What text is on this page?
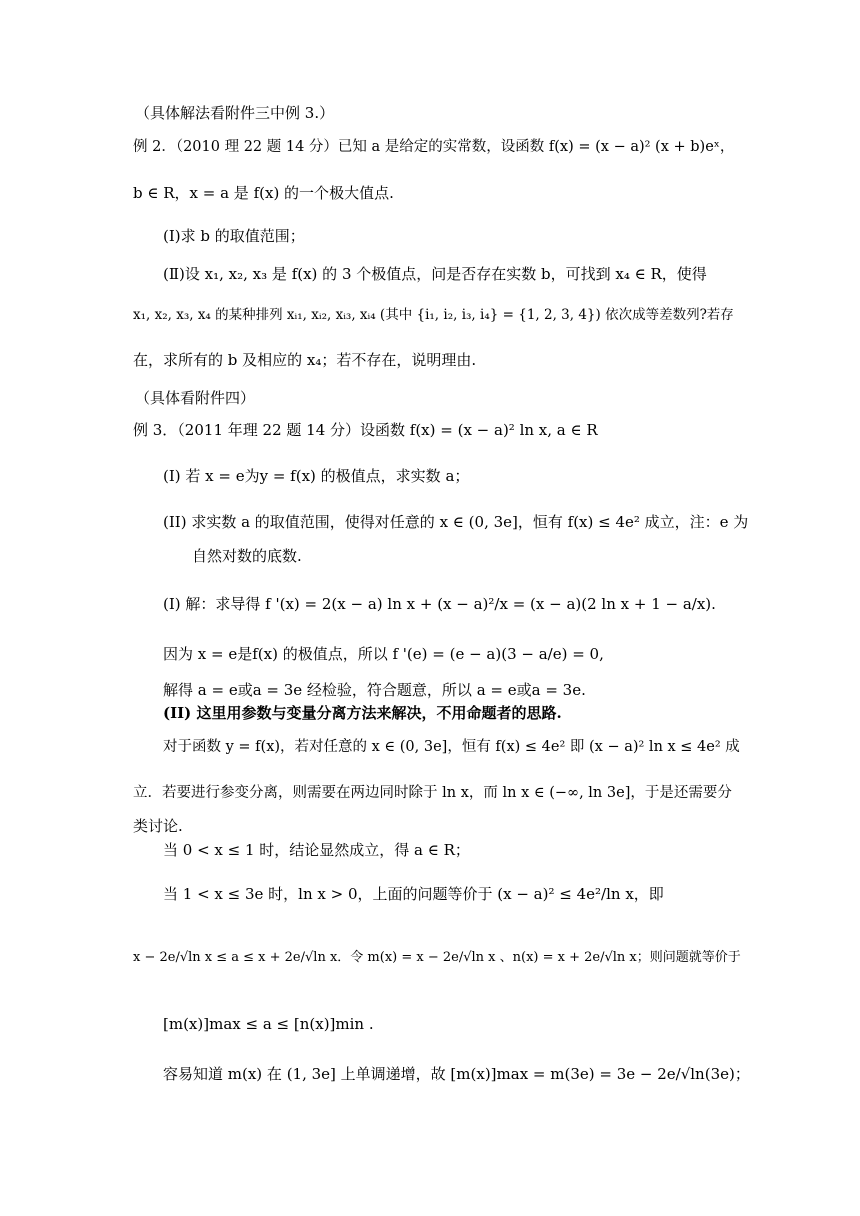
（具体解法看附件三中例 3.）
例 2．（2010 理 22 题 14 分）已知 a 是给定的实常数，设函数 f(x) = (x − a)² (x + b)eˣ，
b ∈ R，x = a 是 f(x) 的一个极大值点.
(Ⅰ)求 b 的取值范围；
(Ⅱ)设 x₁, x₂, x₃ 是 f(x) 的 3 个极值点，问是否存在实数 b，可找到 x₄ ∈ R，使得
x₁, x₂, x₃, x₄ 的某种排列 xᵢ₁, xᵢ₂, xᵢ₃, xᵢ₄ (其中 {i₁, i₂, i₃, i₄} = {1, 2, 3, 4}) 依次成等差数列?若存
在，求所有的 b 及相应的 x₄；若不存在，说明理由.
（具体看附件四）
例 3．（2011 年理 22 题 14 分）设函数 f(x) = (x − a)² ln x, a ∈ R
(I) 若 x = e为y = f(x) 的极值点，求实数 a；
(II) 求实数 a 的取值范围，使得对任意的 x ∈ (0, 3e]，恒有 f(x) ≤ 4e² 成立，注：e 为
自然对数的底数.
(I) 解：求导得 f '(x) = 2(x − a) ln x + (x − a)²/x = (x − a)(2 ln x + 1 − a/x).
因为 x = e是f(x) 的极值点，所以 f '(e) = (e − a)(3 − a/e) = 0,
解得 a = e或a = 3e 经检验，符合题意，所以 a = e或a = 3e.
(II) 这里用参数与变量分离方法来解决，不用命题者的思路.
对于函数 y = f(x)，若对任意的 x ∈ (0, 3e]，恒有 f(x) ≤ 4e² 即 (x − a)² ln x ≤ 4e² 成
立．若要进行参变分离，则需要在两边同时除于 ln x，而 ln x ∈ (−∞, ln 3e]，于是还需要分
类讨论.
当 0 < x ≤ 1 时，结论显然成立，得 a ∈ R；
当 1 < x ≤ 3e 时，ln x > 0，上面的问题等价于 (x − a)² ≤ 4e²/ln x，即
x − 2e/√ln x ≤ a ≤ x + 2e/√ln x．令 m(x) = x − 2e/√ln x 、n(x) = x + 2e/√ln x；则问题就等价于
[m(x)]max ≤ a ≤ [n(x)]min .
容易知道 m(x) 在 (1, 3e] 上单调递增，故 [m(x)]max = m(3e) = 3e − 2e/√ln(3e)；
